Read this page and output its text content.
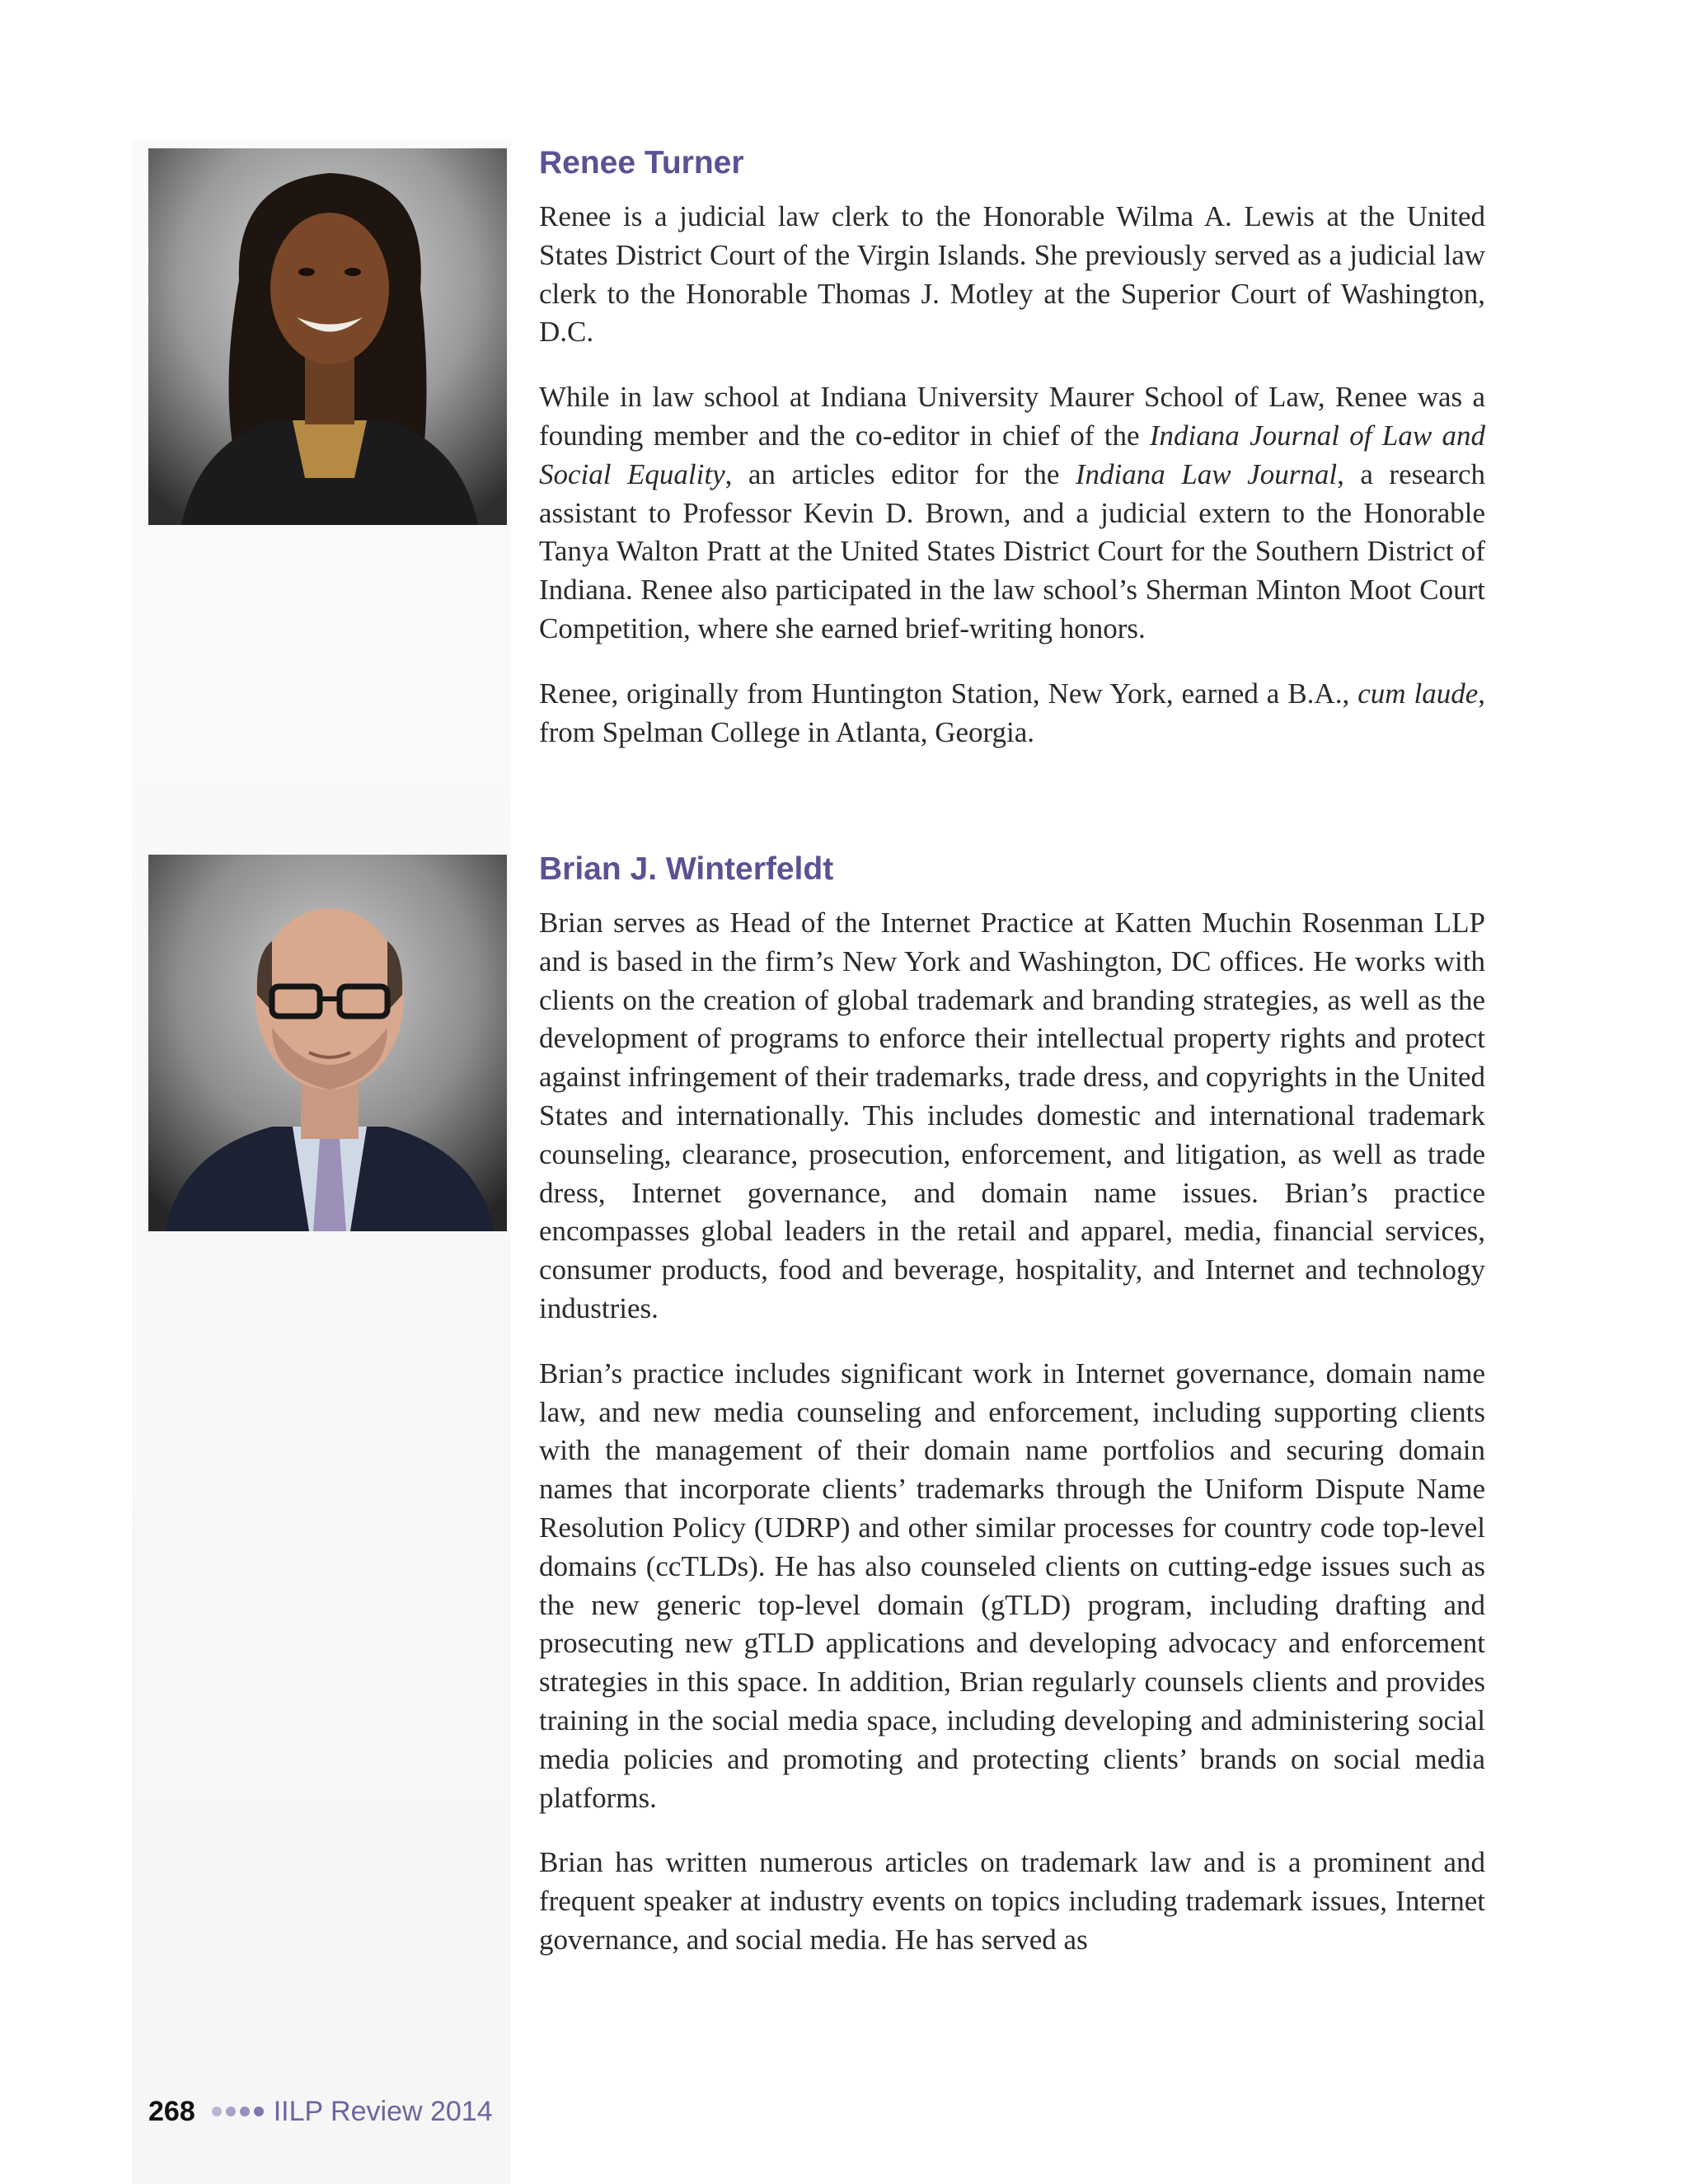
Renee Turner

Renee is a judicial law clerk to the Honorable Wilma A. Lewis at the United States District Court of the Virgin Islands. She previously served as a judicial law clerk to the Honorable Thomas J. Motley at the Superior Court of Washington, D.C.

While in law school at Indiana University Maurer School of Law, Renee was a founding member and the co-editor in chief of the Indiana Journal of Law and Social Equality, an articles editor for the Indiana Law Journal, a research assistant to Professor Kevin D. Brown, and a judicial extern to the Honorable Tanya Walton Pratt at the United States District Court for the Southern District of Indiana. Renee also participated in the law school’s Sherman Minton Moot Court Competition, where she earned brief-writing honors.

Renee, originally from Huntington Station, New York, earned a B.A., cum laude, from Spelman College in Atlanta, Georgia.

Brian J. Winterfeldt

Brian serves as Head of the Internet Practice at Katten Muchin Rosenman LLP and is based in the firm’s New York and Washington, DC offices. He works with clients on the creation of global trademark and branding strategies, as well as the development of programs to enforce their intellectual property rights and protect against infringement of their trademarks, trade dress, and copyrights in the United States and internationally. This includes domestic and international trademark counseling, clearance, prosecution, enforcement, and litigation, as well as trade dress, Internet governance, and domain name issues. Brian’s practice encompasses global leaders in the retail and apparel, media, financial services, consumer products, food and beverage, hospitality, and Internet and technology industries.

Brian’s practice includes significant work in Internet governance, domain name law, and new media counseling and enforcement, including supporting clients with the management of their domain name portfolios and securing domain names that incorporate clients’ trademarks through the Uniform Dispute Name Resolution Policy (UDRP) and other similar processes for country code top-level domains (ccTLDs). He has also counseled clients on cutting-edge issues such as the new generic top-level domain (gTLD) program, including drafting and prosecuting new gTLD applications and developing advocacy and enforcement strategies in this space. In addition, Brian regularly counsels clients and provides training in the social media space, including developing and administering social media policies and promoting and protecting clients’ brands on social media platforms.

Brian has written numerous articles on trademark law and is a prominent and frequent speaker at industry events on topics including trademark issues, Internet governance, and social media. He has served as

268	IILP Review 2014
